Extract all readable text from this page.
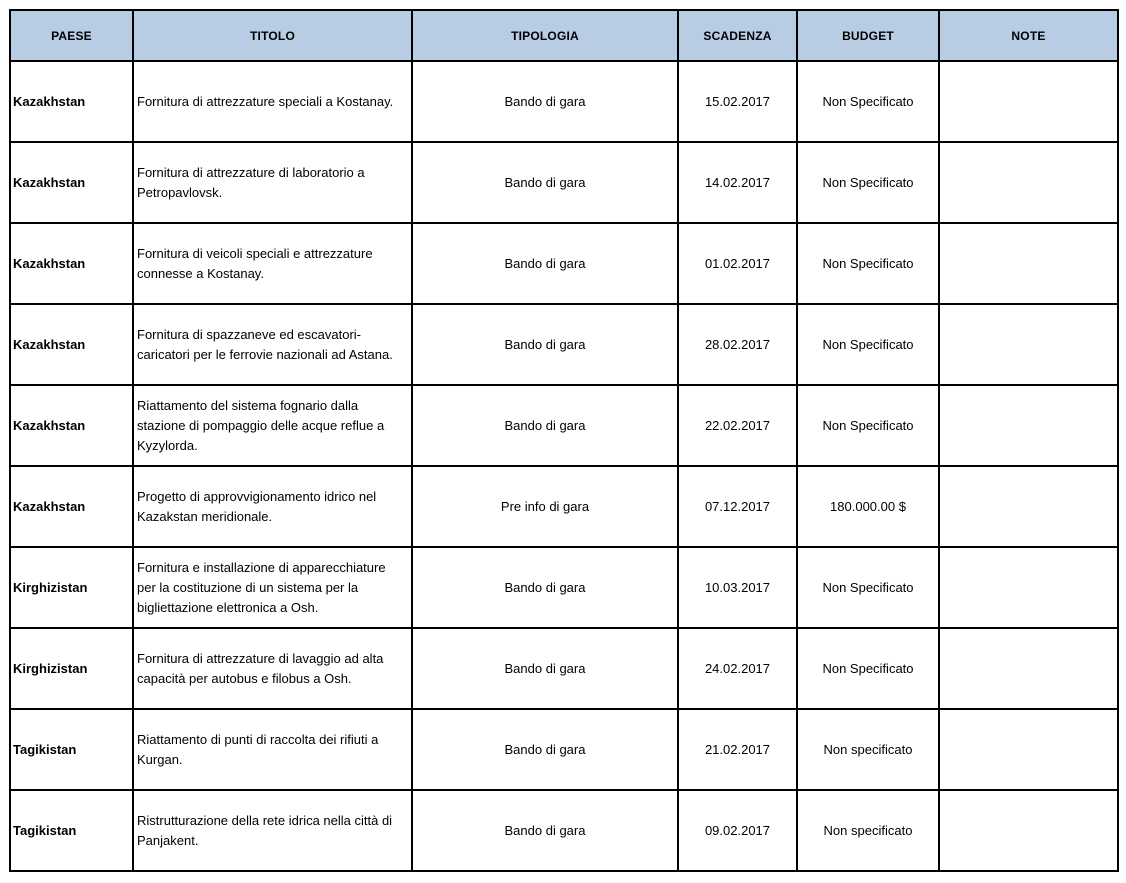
PAESE	TITOLO	TIPOLOGIA	SCADENZA	BUDGET	NOTE
Kazakhstan	Fornitura di attrezzature speciali a Kostanay.	Bando di gara	15.02.2017	Non Specificato	
Kazakhstan	Fornitura di attrezzature di laboratorio a Petropavlovsk.	Bando di gara	14.02.2017	Non Specificato	
Kazakhstan	Fornitura di veicoli speciali e attrezzature connesse a Kostanay.	Bando di gara	01.02.2017	Non Specificato	
Kazakhstan	Fornitura di spazzaneve ed escavatori-caricatori per le ferrovie nazionali ad Astana.	Bando di gara	28.02.2017	Non Specificato	
Kazakhstan	Riattamento del sistema fognario dalla stazione di pompaggio delle acque reflue a Kyzylorda.	Bando di gara	22.02.2017	Non Specificato	
Kazakhstan	Progetto di approvvigionamento idrico nel Kazakstan meridionale.	Pre info di gara	07.12.2017	180.000.00 $	
Kirghizistan	Fornitura e installazione di apparecchiature per la costituzione di un sistema per la bigliettazione elettronica a Osh.	Bando di gara	10.03.2017	Non Specificato	
Kirghizistan	Fornitura di attrezzature di lavaggio ad alta capacità per autobus e filobus a Osh.	Bando di gara	24.02.2017	Non Specificato	
Tagikistan	Riattamento di punti di raccolta dei rifiuti a Kurgan.	Bando di gara	21.02.2017	Non specificato	
Tagikistan	Ristrutturazione della rete idrica nella città di Panjakent.	Bando di gara	09.02.2017	Non specificato	
